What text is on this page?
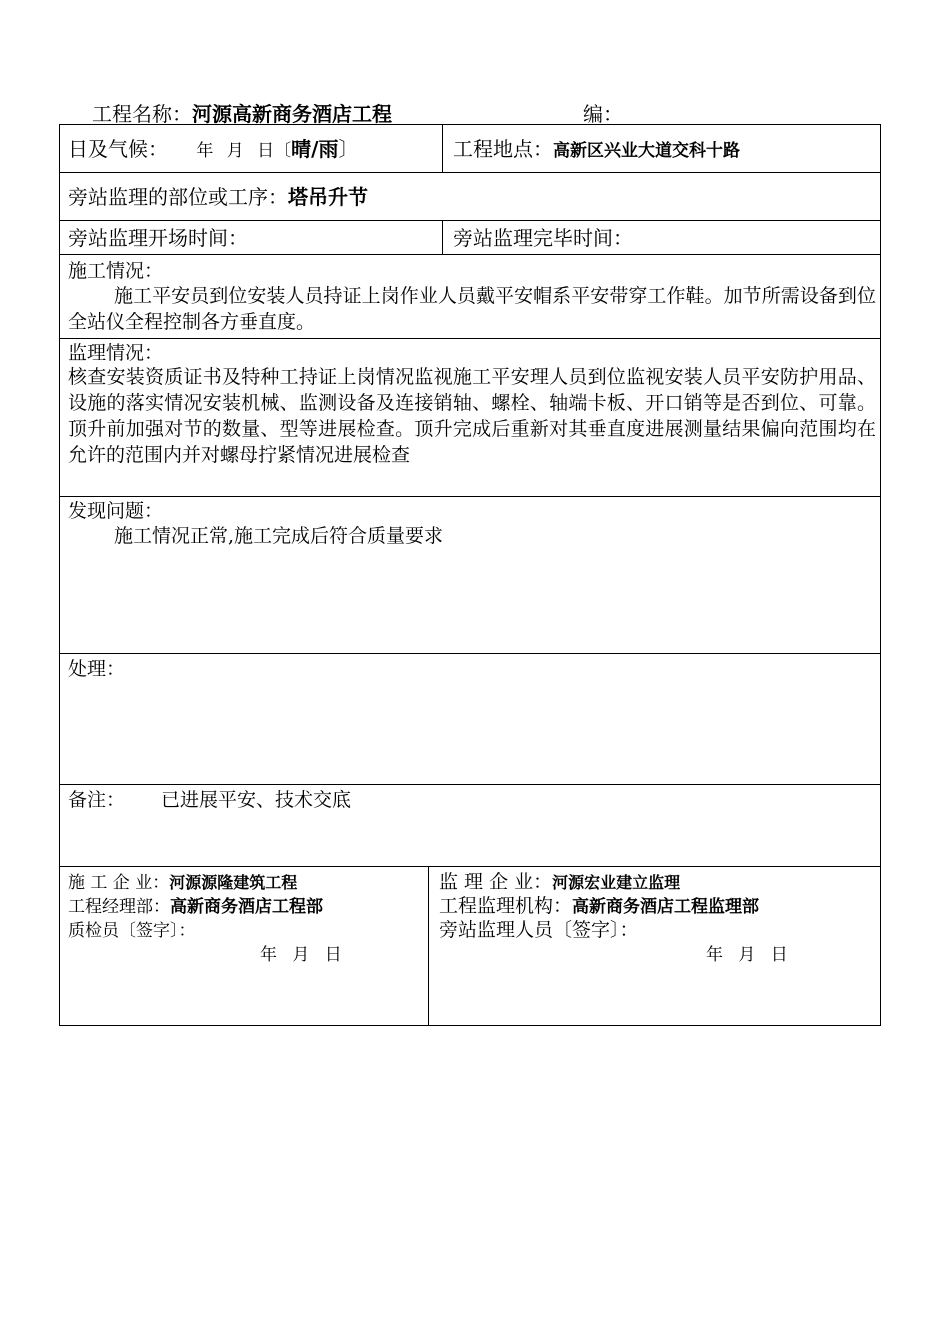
工程名称：河源高新商务酒店工程	编：
日及气候： 年 月 日〔晴/雨〕	工程地点：高新区兴业大道交科十路
旁站监理的部位或工序：塔吊升节
旁站监理开场时间：	旁站监理完毕时间：
施工情况：
施工平安员到位安装人员持证上岗作业人员戴平安帽系平安带穿工作鞋。加节所需设备到位全站仪全程控制各方垂直度。
监理情况：
核查安装资质证书及特种工持证上岗情况监视施工平安理人员到位监视安装人员平安防护用品、设施的落实情况安装机械、监测设备及连接销轴、螺栓、轴端卡板、开口销等是否到位、可靠。顶升前加强对节的数量、型等进展检查。顶升完成后重新对其垂直度进展测量结果偏向范围均在允许的范围内并对螺母拧紧情况进展检查
发现问题：
施工情况正常,施工完成后符合质量要求
处理：
备注： 已进展平安、技术交底
施 工 企 业：河源源隆建筑工程
工程经理部：高新商务酒店工程部
质检员〔签字〕：
年 月 日
监 理 企 业：河源宏业建立监理
工程监理机构：高新商务酒店工程监理部
旁站监理人员〔签字〕：
年 月 日
